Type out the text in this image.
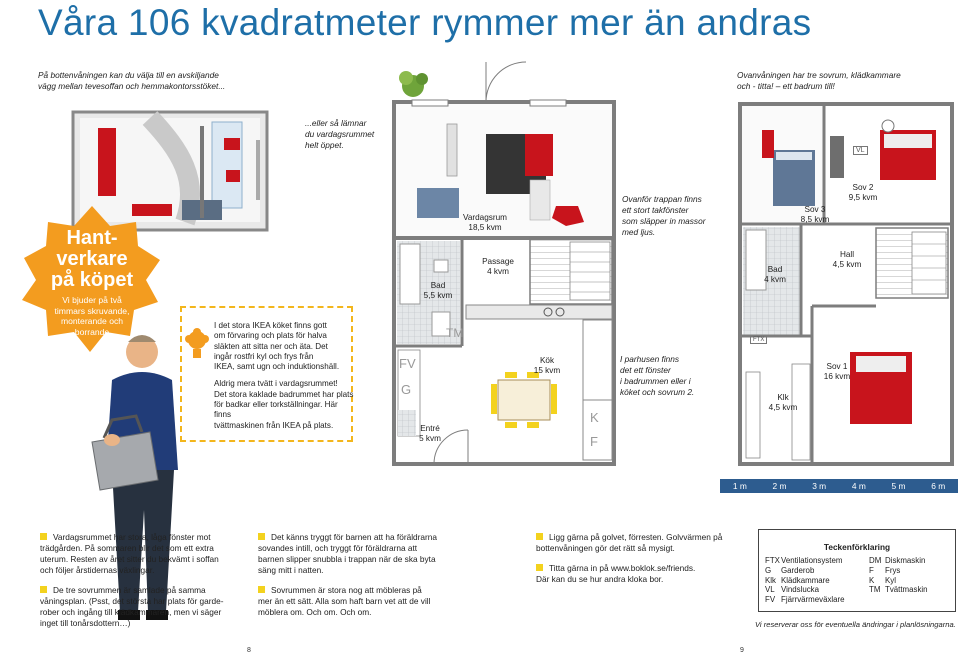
Våra 106 kvadratmeter rymmer mer än andras
På bottenvåningen kan du välja till en avskiljande
vägg mellan tevesoffan och hemmakontorsstöket...
Ovanvåningen har tre sovrum, klädkammare
och - titta! – ett badrum till!
Hant-
verkare
på köpet
Vi bjuder på två
timmars skruvande,
monterande och
borrande
...eller så lämnar
du vardagsrummet
helt öppet.
Ovanför trappan finns
ett stort takfönster
som släpper in massor
med ljus.
I parhusen finns
det ett fönster
i badrummen eller i
köket och sovrum 2.
Vardagsrum
18,5 kvm
Bad
5,5 kvm
Passage
4 kvm
Kök
15 kvm
Entré
5 kvm
Sov 3
8,5 kvm
Sov 2
9,5 kvm
Bad
4 kvm
Hall
4,5 kvm
Klk
4,5 kvm
Sov 1
16 kvm
TM
FV
G
K
F
VL
FTX

I det stora IKEA köket finns gott
om förvaring och plats för halva
släkten att sitta ner och äta. Det
ingår rostfri kyl och frys från
IKEA, samt ugn och induktionshäll.

Aldrig mera tvätt i vardagsrummet!
Det stora kaklade badrummet har plats
för badkar eller torkställningar. Här finns
tvättmaskinen från IKEA på plats.

1 m	2 m	3 m	4 m	5 m	6 m

Vardagsrummet har stora, låga fönster mot
trädgården. På sommaren blir det som ett extra
uterum. Resten av året sitter du bekvämt i soffan
och följer årstidernas växlingar.

De tre sovrummen är samlade på samma
våningsplan. (Psst, det största har plats för garde-
rober och ingång till klädkammaren, men vi säger
inget till tonårsdottern…)

Det känns tryggt för barnen att ha föräldrarna
sovandes intill, och tryggt för föräldrarna att
barnen slipper snubbla i trappan när de ska byta
säng mitt i natten.

Sovrummen är stora nog att möbleras på
mer än ett sätt. Alla som haft barn vet att de vill
möblera om. Och om. Och om.

Ligg gärna på golvet, förresten. Golvvärmen på
bottenvåningen gör det rätt så mysigt.

Titta gärna in på www.boklok.se/friends.
Där kan du se hur andra kloka bor.

Teckenförklaring
FTX Ventilationsystem	DM Diskmaskin
G	Garderob	F	Frys
Klk Klädkammare	K	Kyl
VL Vindslucka	TM Tvättmaskin
FV Fjärrvärmeväxlare
Vi reserverar oss för eventuella ändringar i planlösningarna.
8	9
